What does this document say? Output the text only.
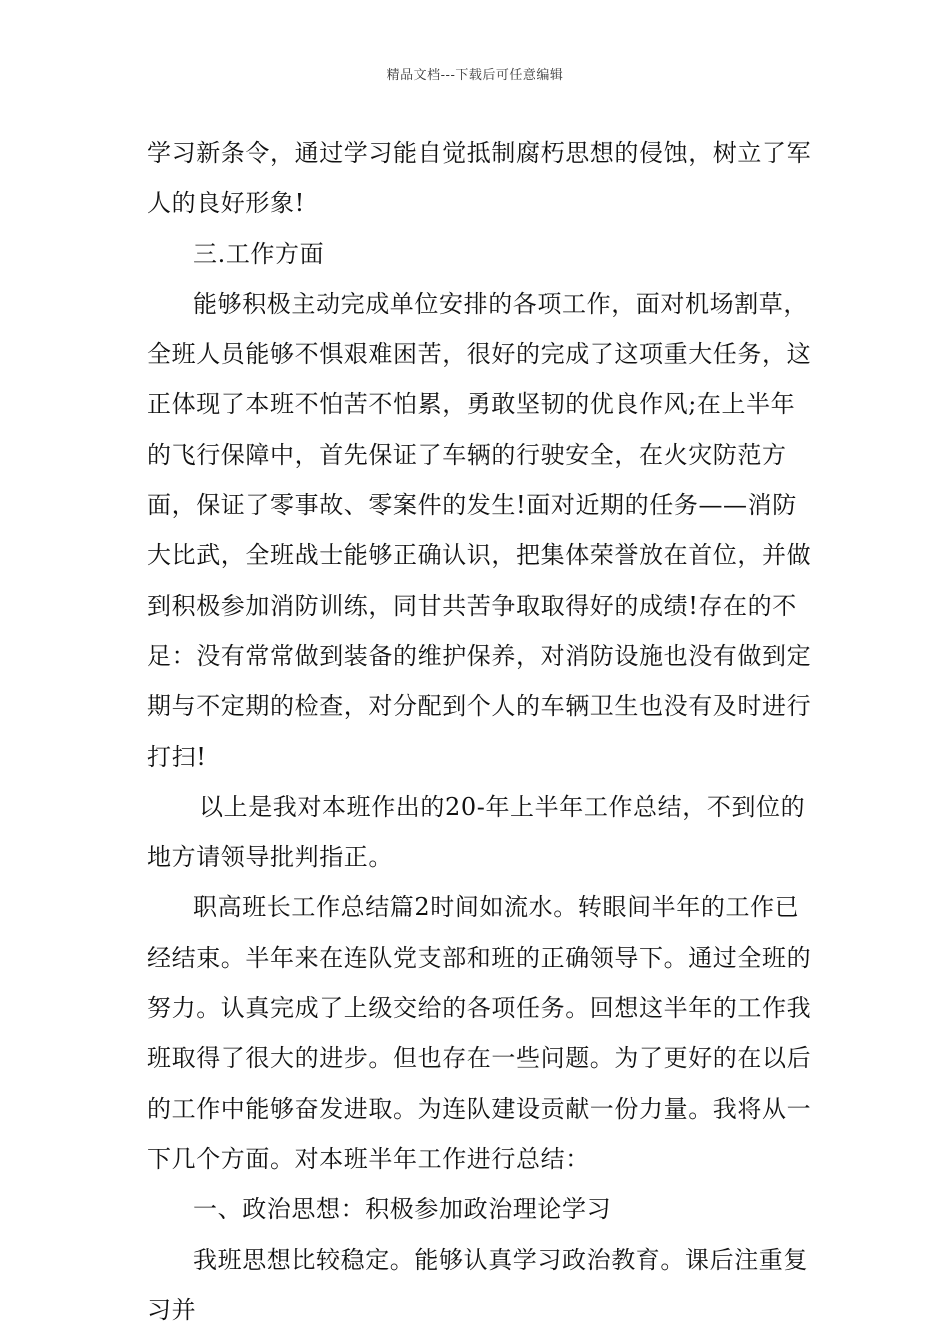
精品文档---下载后可任意编辑

学习新条令，通过学习能自觉抵制腐朽思想的侵蚀，树立了军人的良好形象!

三.工作方面

能够积极主动完成单位安排的各项工作，面对机场割草，全班人员能够不惧艰难困苦，很好的完成了这项重大任务，这正体现了本班不怕苦不怕累，勇敢坚韧的优良作风;在上半年的飞行保障中，首先保证了车辆的行驶安全，在火灾防范方面，保证了零事故、零案件的发生!面对近期的任务——消防大比武，全班战士能够正确认识，把集体荣誉放在首位，并做到积极参加消防训练，同甘共苦争取取得好的成绩!存在的不足：没有常常做到装备的维护保养，对消防设施也没有做到定期与不定期的检查，对分配到个人的车辆卫生也没有及时进行打扫!

以上是我对本班作出的20-年上半年工作总结，不到位的地方请领导批判指正。

职高班长工作总结篇2时间如流水。转眼间半年的工作已经结束。半年来在连队党支部和班的正确领导下。通过全班的努力。认真完成了上级交给的各项任务。回想这半年的工作我班取得了很大的进步。但也存在一些问题。为了更好的在以后的工作中能够奋发进取。为连队建设贡献一份力量。我将从一下几个方面。对本班半年工作进行总结：

一、政治思想：积极参加政治理论学习

我班思想比较稳定。能够认真学习政治教育。课后注重复习并
